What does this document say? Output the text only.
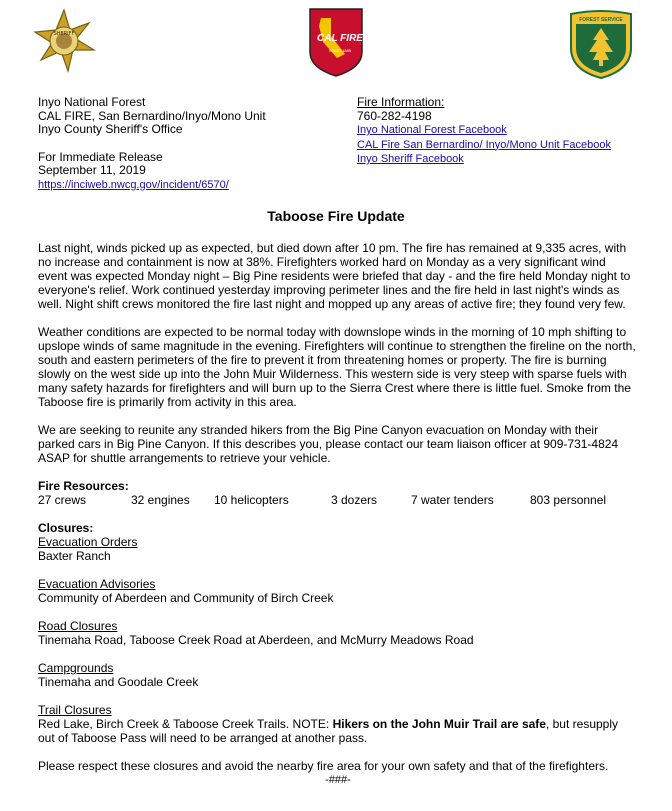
SHERIFF	CAL FIRE
SINCE 1885
FOREST SERVICE
Inyo National Forest
CAL FIRE, San Bernardino/Inyo/Mono Unit
Inyo County Sheriff's Office
For Immediate Release
September 11, 2019
https://inciweb.nwcg.gov/incident/6570/
Fire Information:
760-282-4198
Inyo National Forest Facebook
CAL Fire San Bernardino/ Inyo/Mono Unit Facebook
Inyo Sheriff Facebook
Taboose Fire Update

Last night, winds picked up as expected, but died down after 10 pm. The fire has remained at 9,335 acres, with no increase and containment is now at 38%. Firefighters worked hard on Monday as a very significant wind event was expected Monday night – Big Pine residents were briefed that day - and the fire held Monday night to everyone's relief. Work continued yesterday improving perimeter lines and the fire held in last night's winds as well. Night shift crews monitored the fire last night and mopped up any areas of active fire; they found very few.

Weather conditions are expected to be normal today with downslope winds in the morning of 10 mph shifting to upslope winds of same magnitude in the evening. Firefighters will continue to strengthen the fireline on the north, south and eastern perimeters of the fire to prevent it from threatening homes or property. The fire is burning slowly on the west side up into the John Muir Wilderness. This western side is very steep with sparse fuels with many safety hazards for firefighters and will burn up to the Sierra Crest where there is little fuel. Smoke from the Taboose fire is primarily from activity in this area.

We are seeking to reunite any stranded hikers from the Big Pine Canyon evacuation on Monday with their parked cars in Big Pine Canyon. If this describes you, please contact our team liaison officer at 909-731-4824 ASAP for shuttle arrangements to retrieve your vehicle.

Fire Resources:
27 crews	32 engines	10 helicopters	3 dozers	7 water tenders	803 personnel
Closures:
Evacuation Orders
Baxter Ranch
Evacuation Advisories
Community of Aberdeen and Community of Birch Creek
Road Closures
Tinemaha Road, Taboose Creek Road at Aberdeen, and McMurry Meadows Road
Campgrounds
Tinemaha and Goodale Creek
Trail Closures
Red Lake, Birch Creek & Taboose Creek Trails. NOTE: Hikers on the John Muir Trail are safe, but resupply out of Taboose Pass will need to be arranged at another pass.
Please respect these closures and avoid the nearby fire area for your own safety and that of the firefighters.
-###-
